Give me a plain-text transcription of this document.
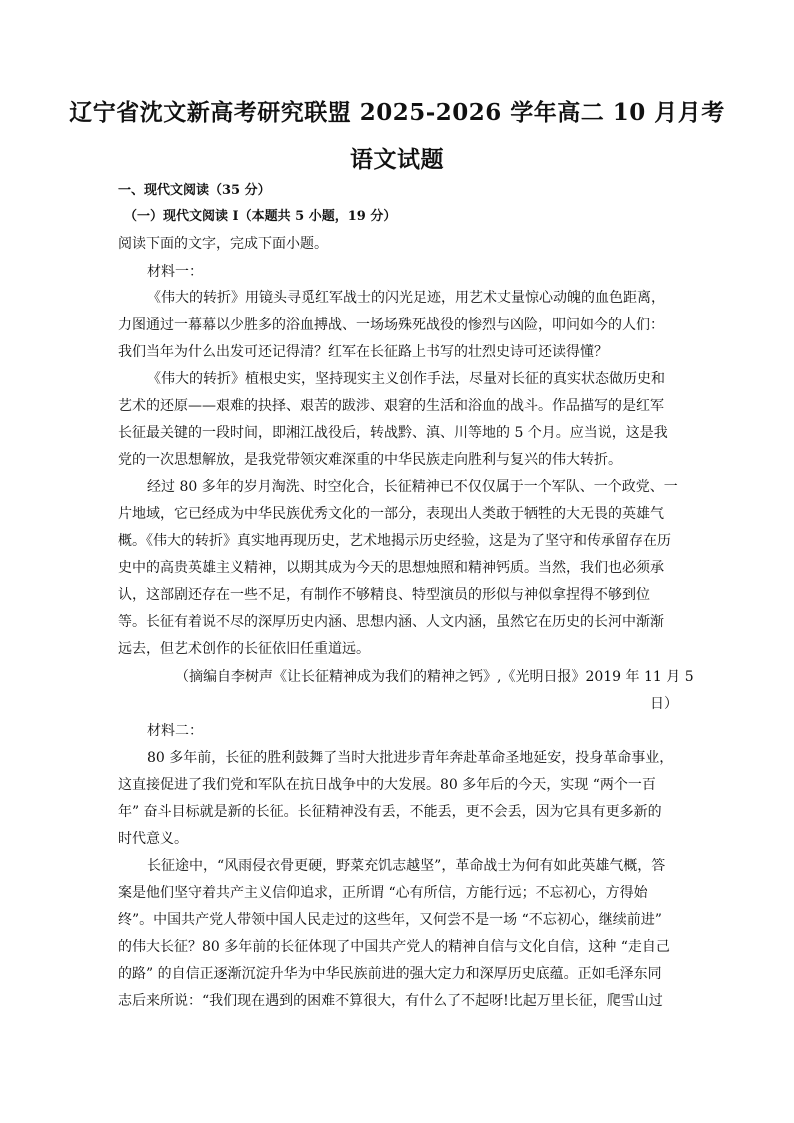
辽宁省沈文新高考研究联盟 2025-2026 学年高二 10 月月考
语文试题
一、现代文阅读（35 分）
（一）现代文阅读 I（本题共 5 小题，19 分）
阅读下面的文字，完成下面小题。
材料一：
《伟大的转折》用镜头寻觅红军战士的闪光足迹，用艺术丈量惊心动魄的血色距离，
力图通过一幕幕以少胜多的浴血搏战、一场场殊死战役的惨烈与凶险，叩问如今的人们：
我们当年为什么出发可还记得清？红军在长征路上书写的壮烈史诗可还读得懂？
《伟大的转折》植根史实，坚持现实主义创作手法，尽量对长征的真实状态做历史和
艺术的还原——艰难的抉择、艰苦的跋涉、艰窘的生活和浴血的战斗。作品描写的是红军
长征最关键的一段时间，即湘江战役后，转战黔、滇、川等地的 5 个月。应当说，这是我
党的一次思想解放，是我党带领灾难深重的中华民族走向胜利与复兴的伟大转折。
经过 80 多年的岁月淘洗、时空化合，长征精神已不仅仅属于一个军队、一个政党、一
片地域，它已经成为中华民族优秀文化的一部分，表现出人类敢于牺牲的大无畏的英雄气
概。《伟大的转折》真实地再现历史，艺术地揭示历史经验，这是为了坚守和传承留存在历
史中的高贵英雄主义精神，以期其成为今天的思想烛照和精神钙质。当然，我们也必须承
认，这部剧还存在一些不足，有制作不够精良、特型演员的形似与神似拿捏得不够到位
等。长征有着说不尽的深厚历史内涵、思想内涵、人文内涵，虽然它在历史的长河中渐渐
远去，但艺术创作的长征依旧任重道远。
（摘编自李树声《让长征精神成为我们的精神之钙》,《光明日报》2019 年 11 月 5
日）
材料二：
80 多年前，长征的胜利鼓舞了当时大批进步青年奔赴革命圣地延安，投身革命事业，
这直接促进了我们党和军队在抗日战争中的大发展。80 多年后的今天，实现 “两个一百
年” 奋斗目标就是新的长征。长征精神没有丢，不能丢，更不会丢，因为它具有更多新的
时代意义。
长征途中，“风雨侵衣骨更硬，野菜充饥志越坚”，革命战士为何有如此英雄气概，答
案是他们坚守着共产主义信仰追求，正所谓 “心有所信，方能行远；不忘初心，方得始
终”。中国共产党人带领中国人民走过的这些年，又何尝不是一场 “不忘初心，继续前进”
的伟大长征？80 多年前的长征体现了中国共产党人的精神自信与文化自信，这种 “走自己
的路” 的自信正逐渐沉淀升华为中华民族前进的强大定力和深厚历史底蕴。正如毛泽东同
志后来所说：“我们现在遇到的困难不算很大，有什么了不起呀!比起万里长征，爬雪山过
